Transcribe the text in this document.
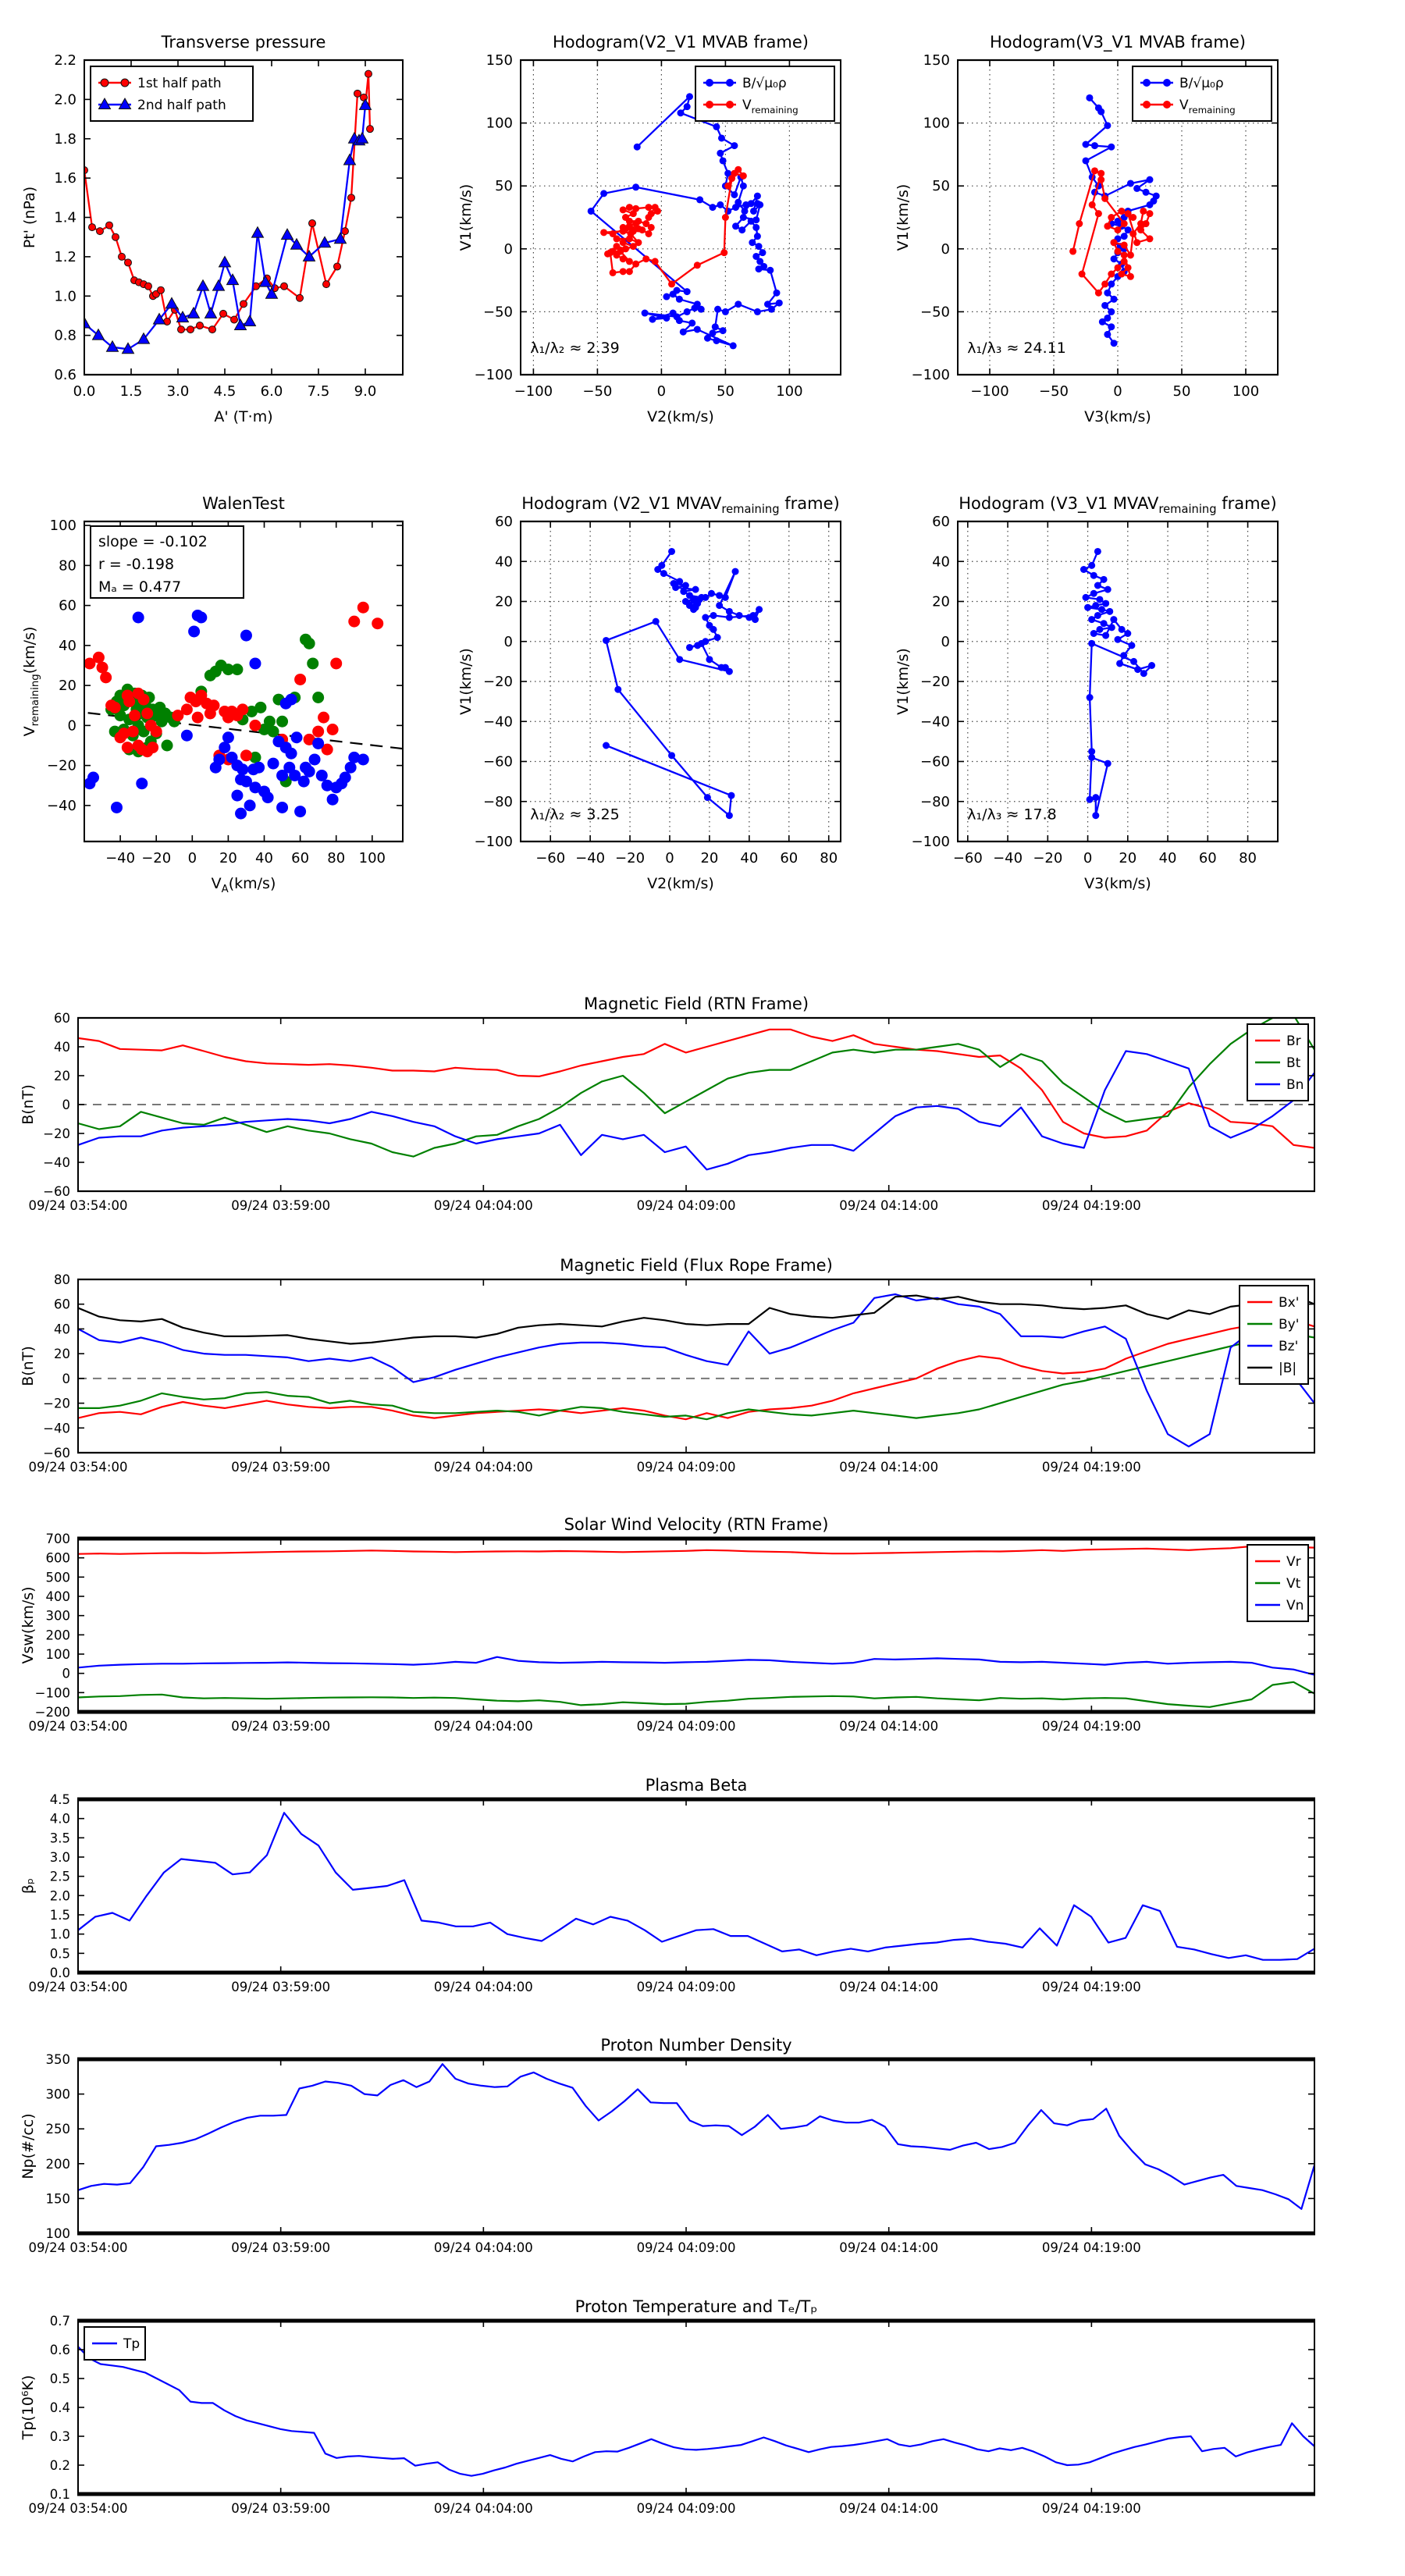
0.0 1.5 3.0 4.5 6.0 7.5 9.0
0.6
0.8
1.0
1.2
1.4
1.6
1.8
2.0
2.2
Transverse pressure
A' (T·m)
Pt' (nPa)
1st half path
2nd half path
−100 −50	0	50	100
−100
−50
0
50
100
150
Hodogram(V2_V1 MVAB frame)
V2(km/s)
V1(km/s)
λ₁/λ₂ ≈ 2.39
B/√μ₀ρ
$V_{remaining}$
−100 −50	0	50	100
−100
−50
0
50
100
150
Hodogram(V3_V1 MVAB frame)
V3(km/s)
V1(km/s)
λ₁/λ₃ ≈ 24.11
B/√μ₀ρ
$V_{remaining}$
−40 −20 0 20 40 60 80 100
−40
−20
0
20
40
60
80
100
WalenTest
$V_A(km/s)$
$V_{remaining}(km/s)$
slope = -0.102
r = -0.198
Mₐ = 0.477
−60 −40 −20 0 20 40 60 80
−100
−80
−60
−40
−20
0
20
40
60
Hodogram (V2_V1 $MVAV_{remaining}$ frame)
V2(km/s)
V1(km/s)
λ₁/λ₂ ≈ 3.25
−60 −40 −20 0 20 40 60 80
−100
−80
−60
−40
−20
0
20
40
60
Hodogram (V3_V1 $MVAV_{remaining}$ frame)
V3(km/s)
V1(km/s)
λ₁/λ₃ ≈ 17.8
09/24 03:54:00	09/24 03:59:00	09/24 04:04:00	09/24 04:09:00	09/24 04:14:00	09/24 04:19:00
−60
−40
−20
0
20
40
60
Magnetic Field (RTN Frame)
B(nT)
Br
Bt
Bn
09/24 03:54:00	09/24 03:59:00	09/24 04:04:00	09/24 04:09:00	09/24 04:14:00	09/24 04:19:00
−60
−40
−20
0
20
40
60
80
Magnetic Field (Flux Rope Frame)
B(nT)
Bx'
By'
Bz'
|B|
09/24 03:54:00	09/24 03:59:00	09/24 04:04:00	09/24 04:09:00	09/24 04:14:00	09/24 04:19:00
−200
−100
0
100
200
300
400
500
600
700
Solar Wind Velocity (RTN Frame)
Vsw(km/s)
Vr
Vt
Vn
09/24 03:54:00	09/24 03:59:00	09/24 04:04:00	09/24 04:09:00	09/24 04:14:00	09/24 04:19:00
0.0
0.5
1.0
1.5
2.0
2.5
3.0
3.5
4.0
4.5
Plasma Beta
βₚ
09/24 03:54:00	09/24 03:59:00	09/24 04:04:00	09/24 04:09:00	09/24 04:14:00	09/24 04:19:00
100
150
200
250
300
350
Proton Number Density
Np(#/cc)
09/24 03:54:00	09/24 03:59:00	09/24 04:04:00	09/24 04:09:00	09/24 04:14:00	09/24 04:19:00
0.1
0.2
0.3
0.4
0.5
0.6
0.7
Proton Temperature and Tₑ/Tₚ
Tp(10⁶K)
Tp
